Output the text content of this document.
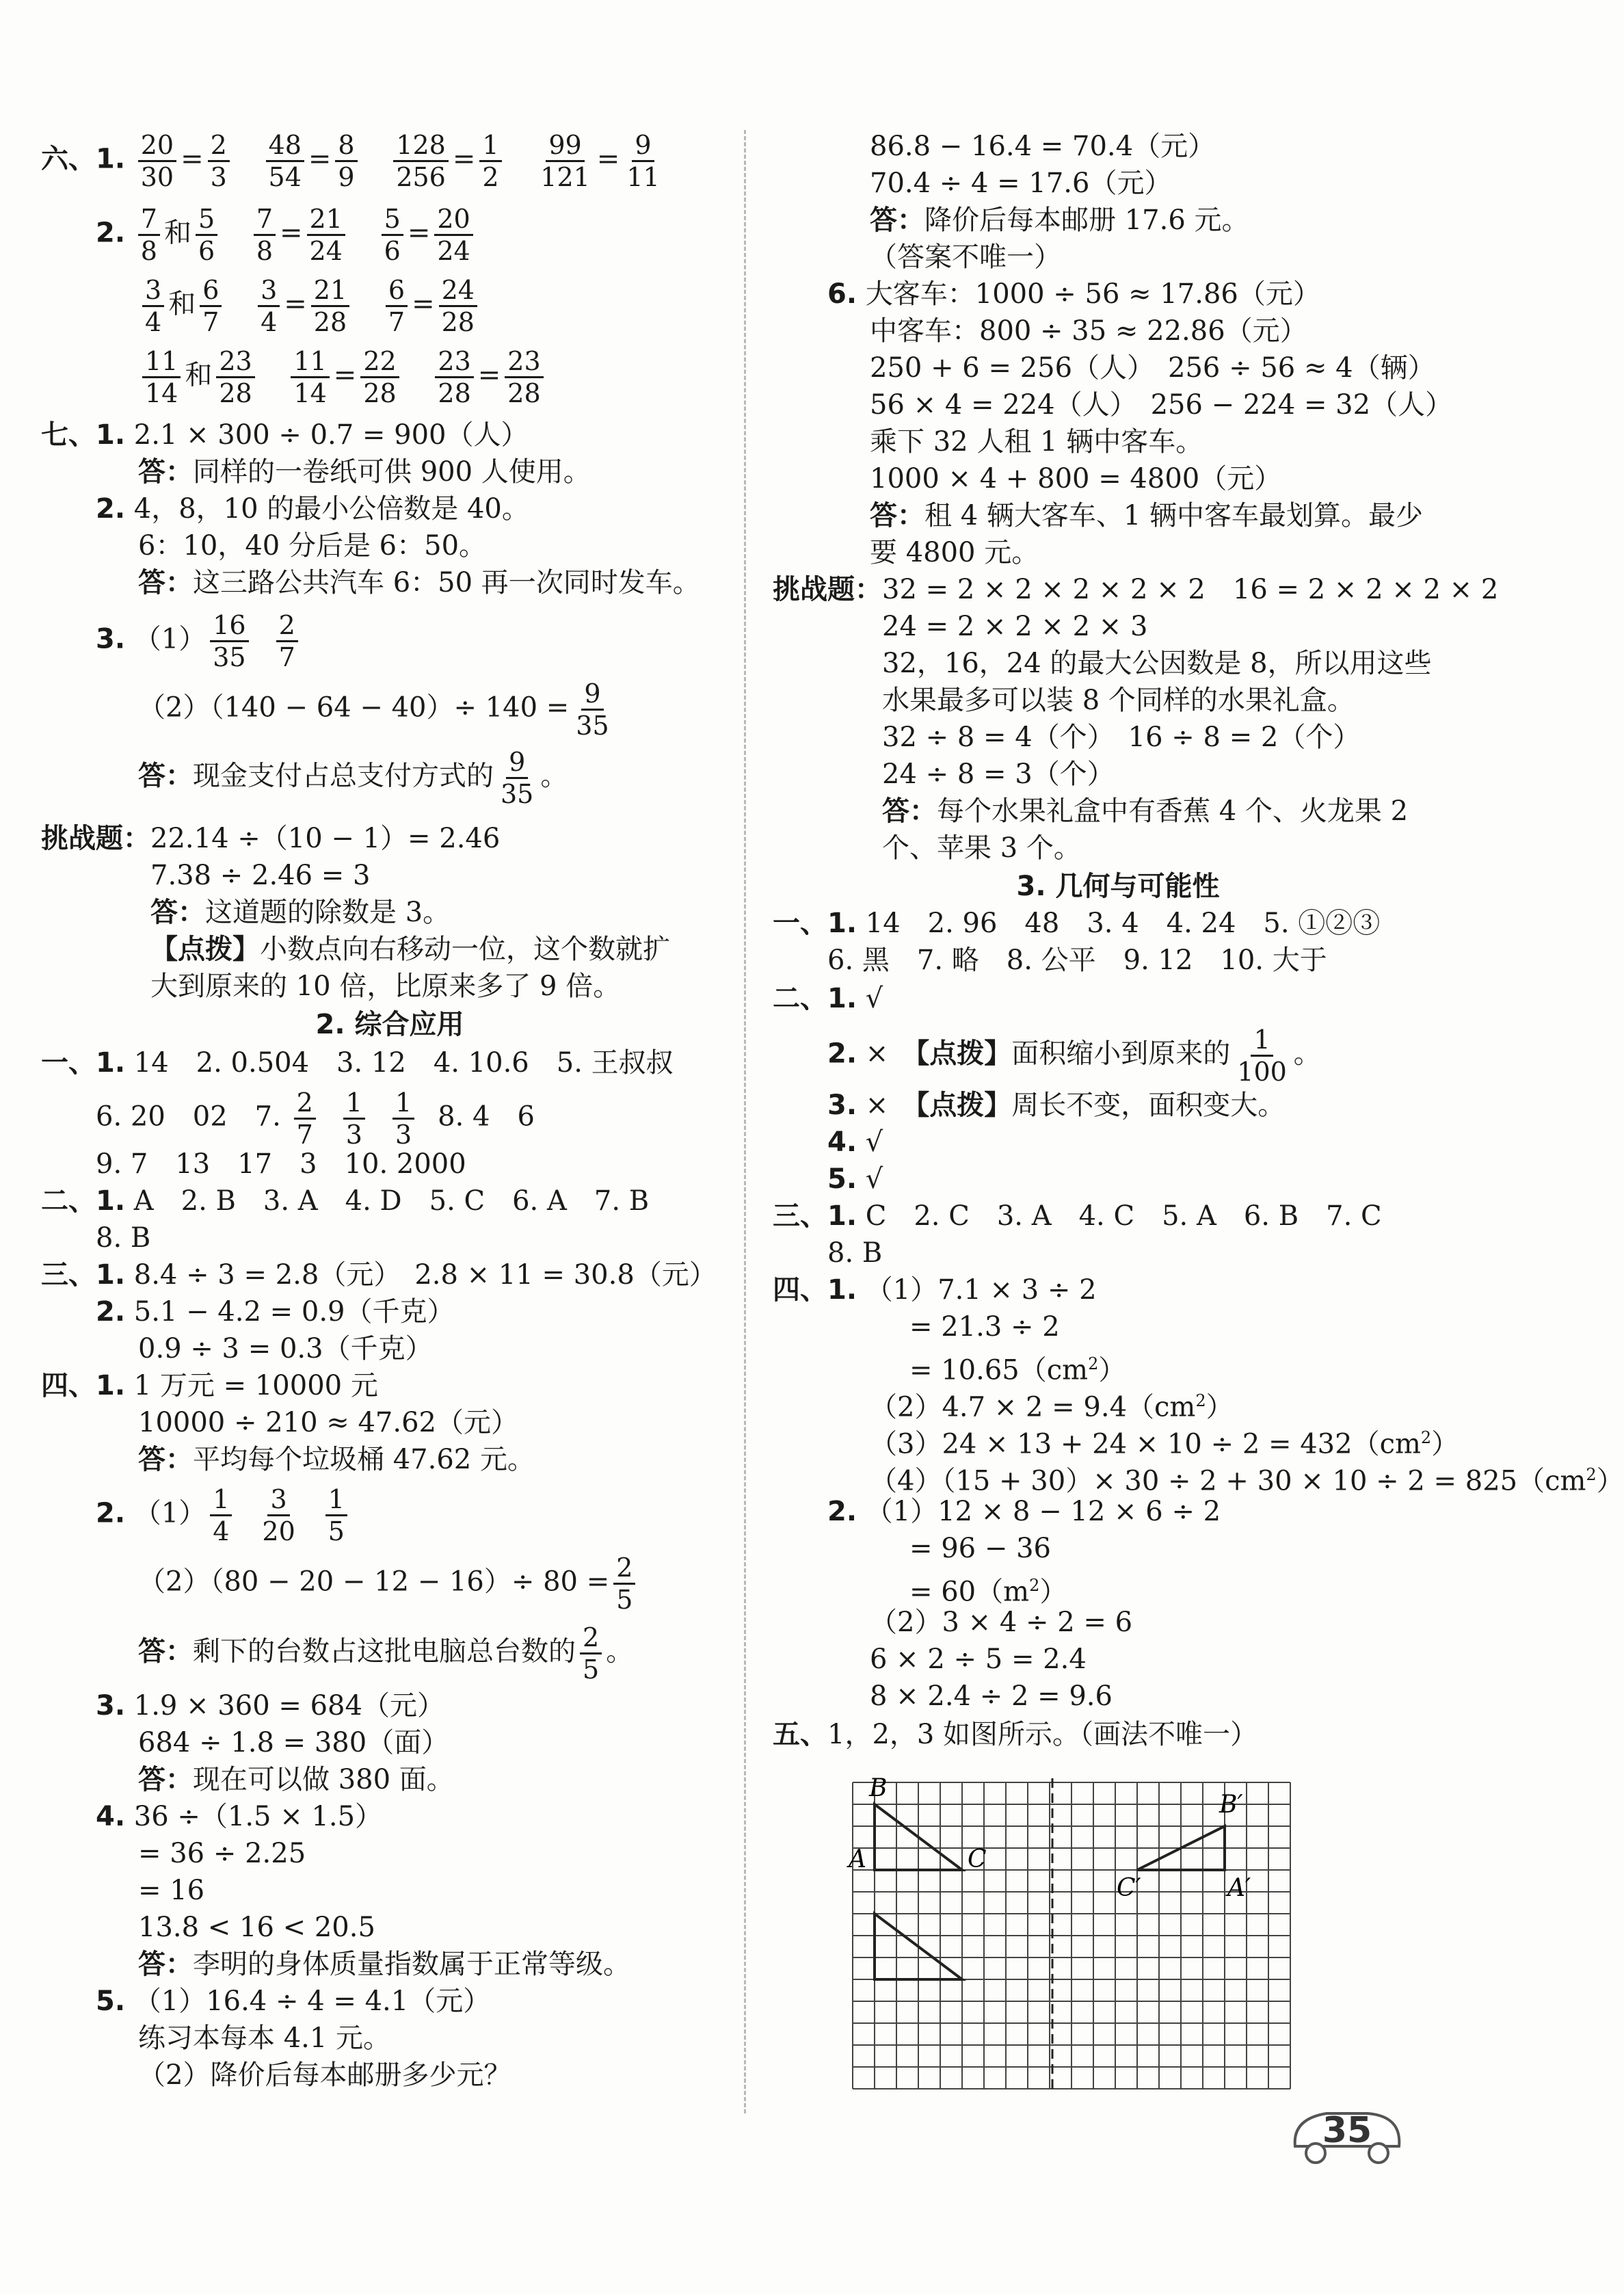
六、1. $\frac{20}{30} = \frac{2}{3}$
$\frac{48}{54} = \frac{8}{9}$
$\frac{128}{256} = \frac{1}{2}$
$\frac{99}{121} = \frac{9}{11}$
2. $\frac{7}{8}$ 和 $\frac{5}{6}$
$\frac{7}{8} = \frac{21}{24}$
$\frac{5}{6} = \frac{20}{24}$
$\frac{3}{4}$ 和 $\frac{6}{7}$
$\frac{3}{4} = \frac{21}{28}$
$\frac{6}{7} = \frac{24}{28}$
$\frac{11}{14}$ 和 $\frac{23}{28}$
$\frac{11}{14} = \frac{22}{28}$
$\frac{23}{28} = \frac{23}{28}$
七、1. 2.1 × 300 ÷ 0.7 = 900（人）
答：同样的一卷纸可供 900 人使用。
2. 4，8，10 的最小公倍数是 40。
6：10，40 分后是 6：50。
答：这三路公共汽车 6：50 再一次同时发车。
3. $(1) \frac{16}{35} \frac{2}{7}$
$(2)(140 - 64 - 40)\div 140 = \frac{9}{35}$
答：现金支付占总支付方式的 $\frac{9}{35}$ 。
挑战题：22.14 ÷（10 − 1）= 2.46
7.38 ÷ 2.46 = 3
答：这道题的除数是 3。
【点拨】小数点向右移动一位，这个数就扩
大到原来的 10 倍，比原来多了 9 倍。
2. 综合应用
一、1. 14　2. 0.504　3. 12　4. 10.6　5. 王叔叔
6. 20　02　7. $\frac{2}{7} \frac{1}{3} \frac{1}{3} 8$. 4　6
9. 7　13　17　3　10. 2000
二、1. A　2. B　3. A　4. D　5. C　6. A　7. B
8. B
三、1. 8.4 ÷ 3 = 2.8（元）　2.8 × 11 = 30.8（元）
2. 5.1 − 4.2 = 0.9（千克）
0.9 ÷ 3 = 0.3（千克）
四、1. 1 万元 = 10000 元
10000 ÷ 210 ≈ 47.62（元）
答：平均每个垃圾桶 47.62 元。
2. $(1) \frac{1}{4} \frac{3}{20} \frac{1}{5}$
$(2)(80 - 20 - 12 - 16)\div 80 = \frac{2}{5}$
答：剩下的台数占这批电脑总台数的 $\frac{2}{5}$ 。
3. 1.9 × 360 = 684（元）
684 ÷ 1.8 = 380（面）
答：现在可以做 380 面。
4. 36 ÷（1.5 × 1.5）
= 36 ÷ 2.25
= 16
13.8 < 16 < 20.5
答：李明的身体质量指数属于正常等级。
5. （1）16.4 ÷ 4 = 4.1（元）
练习本每本 4.1 元。
（2）降价后每本邮册多少元？
86.8 − 16.4 = 70.4（元）
70.4 ÷ 4 = 17.6（元）
答：降价后每本邮册 17.6 元。
（答案不唯一）
6. 大客车：1000 ÷ 56 ≈ 17.86（元）
中客车：800 ÷ 35 ≈ 22.86（元）
250 + 6 = 256（人）　256 ÷ 56 ≈ 4（辆）
56 × 4 = 224（人）　256 − 224 = 32（人）
乘下 32 人租 1 辆中客车。
1000 × 4 + 800 = 4800（元）
答：租 4 辆大客车、1 辆中客车最划算。最少
要 4800 元。
挑战题：32 = 2 × 2 × 2 × 2 × 2　16 = 2 × 2 × 2 × 2
24 = 2 × 2 × 2 × 3
32，16，24 的最大公因数是 8，所以用这些
水果最多可以装 8 个同样的水果礼盒。
32 ÷ 8 = 4（个）　16 ÷ 8 = 2（个）
24 ÷ 8 = 3（个）
答：每个水果礼盒中有香蕉 4 个、火龙果 2
个、苹果 3 个。
3. 几何与可能性
一、1. 14　2. 96　48　3. 4　4. 24　5. ①②③
6. 黑　7. 略　8. 公平　9. 12　10. 大于
二、1. √
2. ×　【点拨】面积缩小到原来的 $\frac{1}{100}$ 。
3. ×　【点拨】周长不变，面积变大。
4. √
5. √
三、1. C　2. C　3. A　4. C　5. A　6. B　7. C
8. B
四、1. （1）7.1 × 3 ÷ 2
= 21.3 ÷ 2
= $10.65(cm^2)$
$(2)4.7 \times 2 = 9.4(cm^2)$
$(3)24 \times 13 + 24 \times 10 \div 2 = 432(cm^2)$
$(4)(15 + 30)\times 30 \div 2 + 30 \times 10 \div 2 = 825(cm^2)$
2. （1）12 × 8 − 12 × 6 ÷ 2
= 96 − 36
= $60(m^2)$
（2）3 × 4 ÷ 2 = 6
6 × 2 ÷ 5 = 2.4
8 × 2.4 ÷ 2 = 9.6
五、1，2，3 如图所示。（画法不唯一）
B
A	C
B′
C′	A′
35
